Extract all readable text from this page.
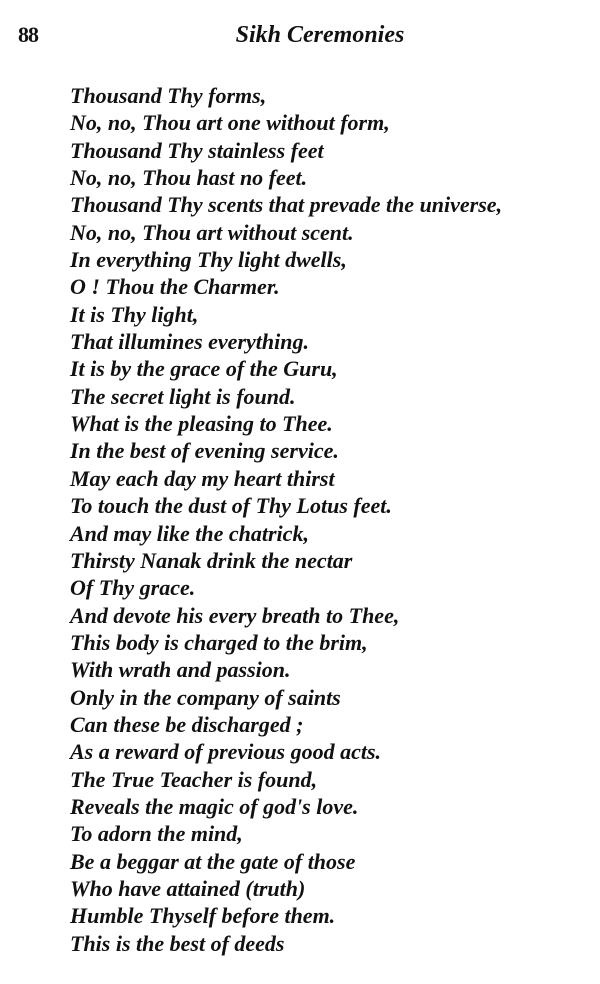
88	Sikh Ceremonies
Thousand Thy forms,
No, no, Thou art one without form,
Thousand Thy stainless feet
No, no, Thou hast no feet.
Thousand Thy scents that prevade the universe,
No, no, Thou art without scent.
In everything Thy light dwells,
O ! Thou the Charmer.
It is Thy light,
That illumines everything.
It is by the grace of the Guru,
The secret light is found.
What is the pleasing to Thee.
In the best of evening service.
May each day my heart thirst
To touch the dust of Thy Lotus feet.
And may like the chatrick,
Thirsty Nanak drink the nectar
Of Thy grace.
And devote his every breath to Thee,
This body is charged to the brim,
With wrath and passion.
Only in the company of saints
Can these be discharged ;
As a reward of previous good acts.
The True Teacher is found,
Reveals the magic of god's love.
To adorn the mind,
Be a beggar at the gate of those
Who have attained (truth)
Humble Thyself before them.
This is the best of deeds
